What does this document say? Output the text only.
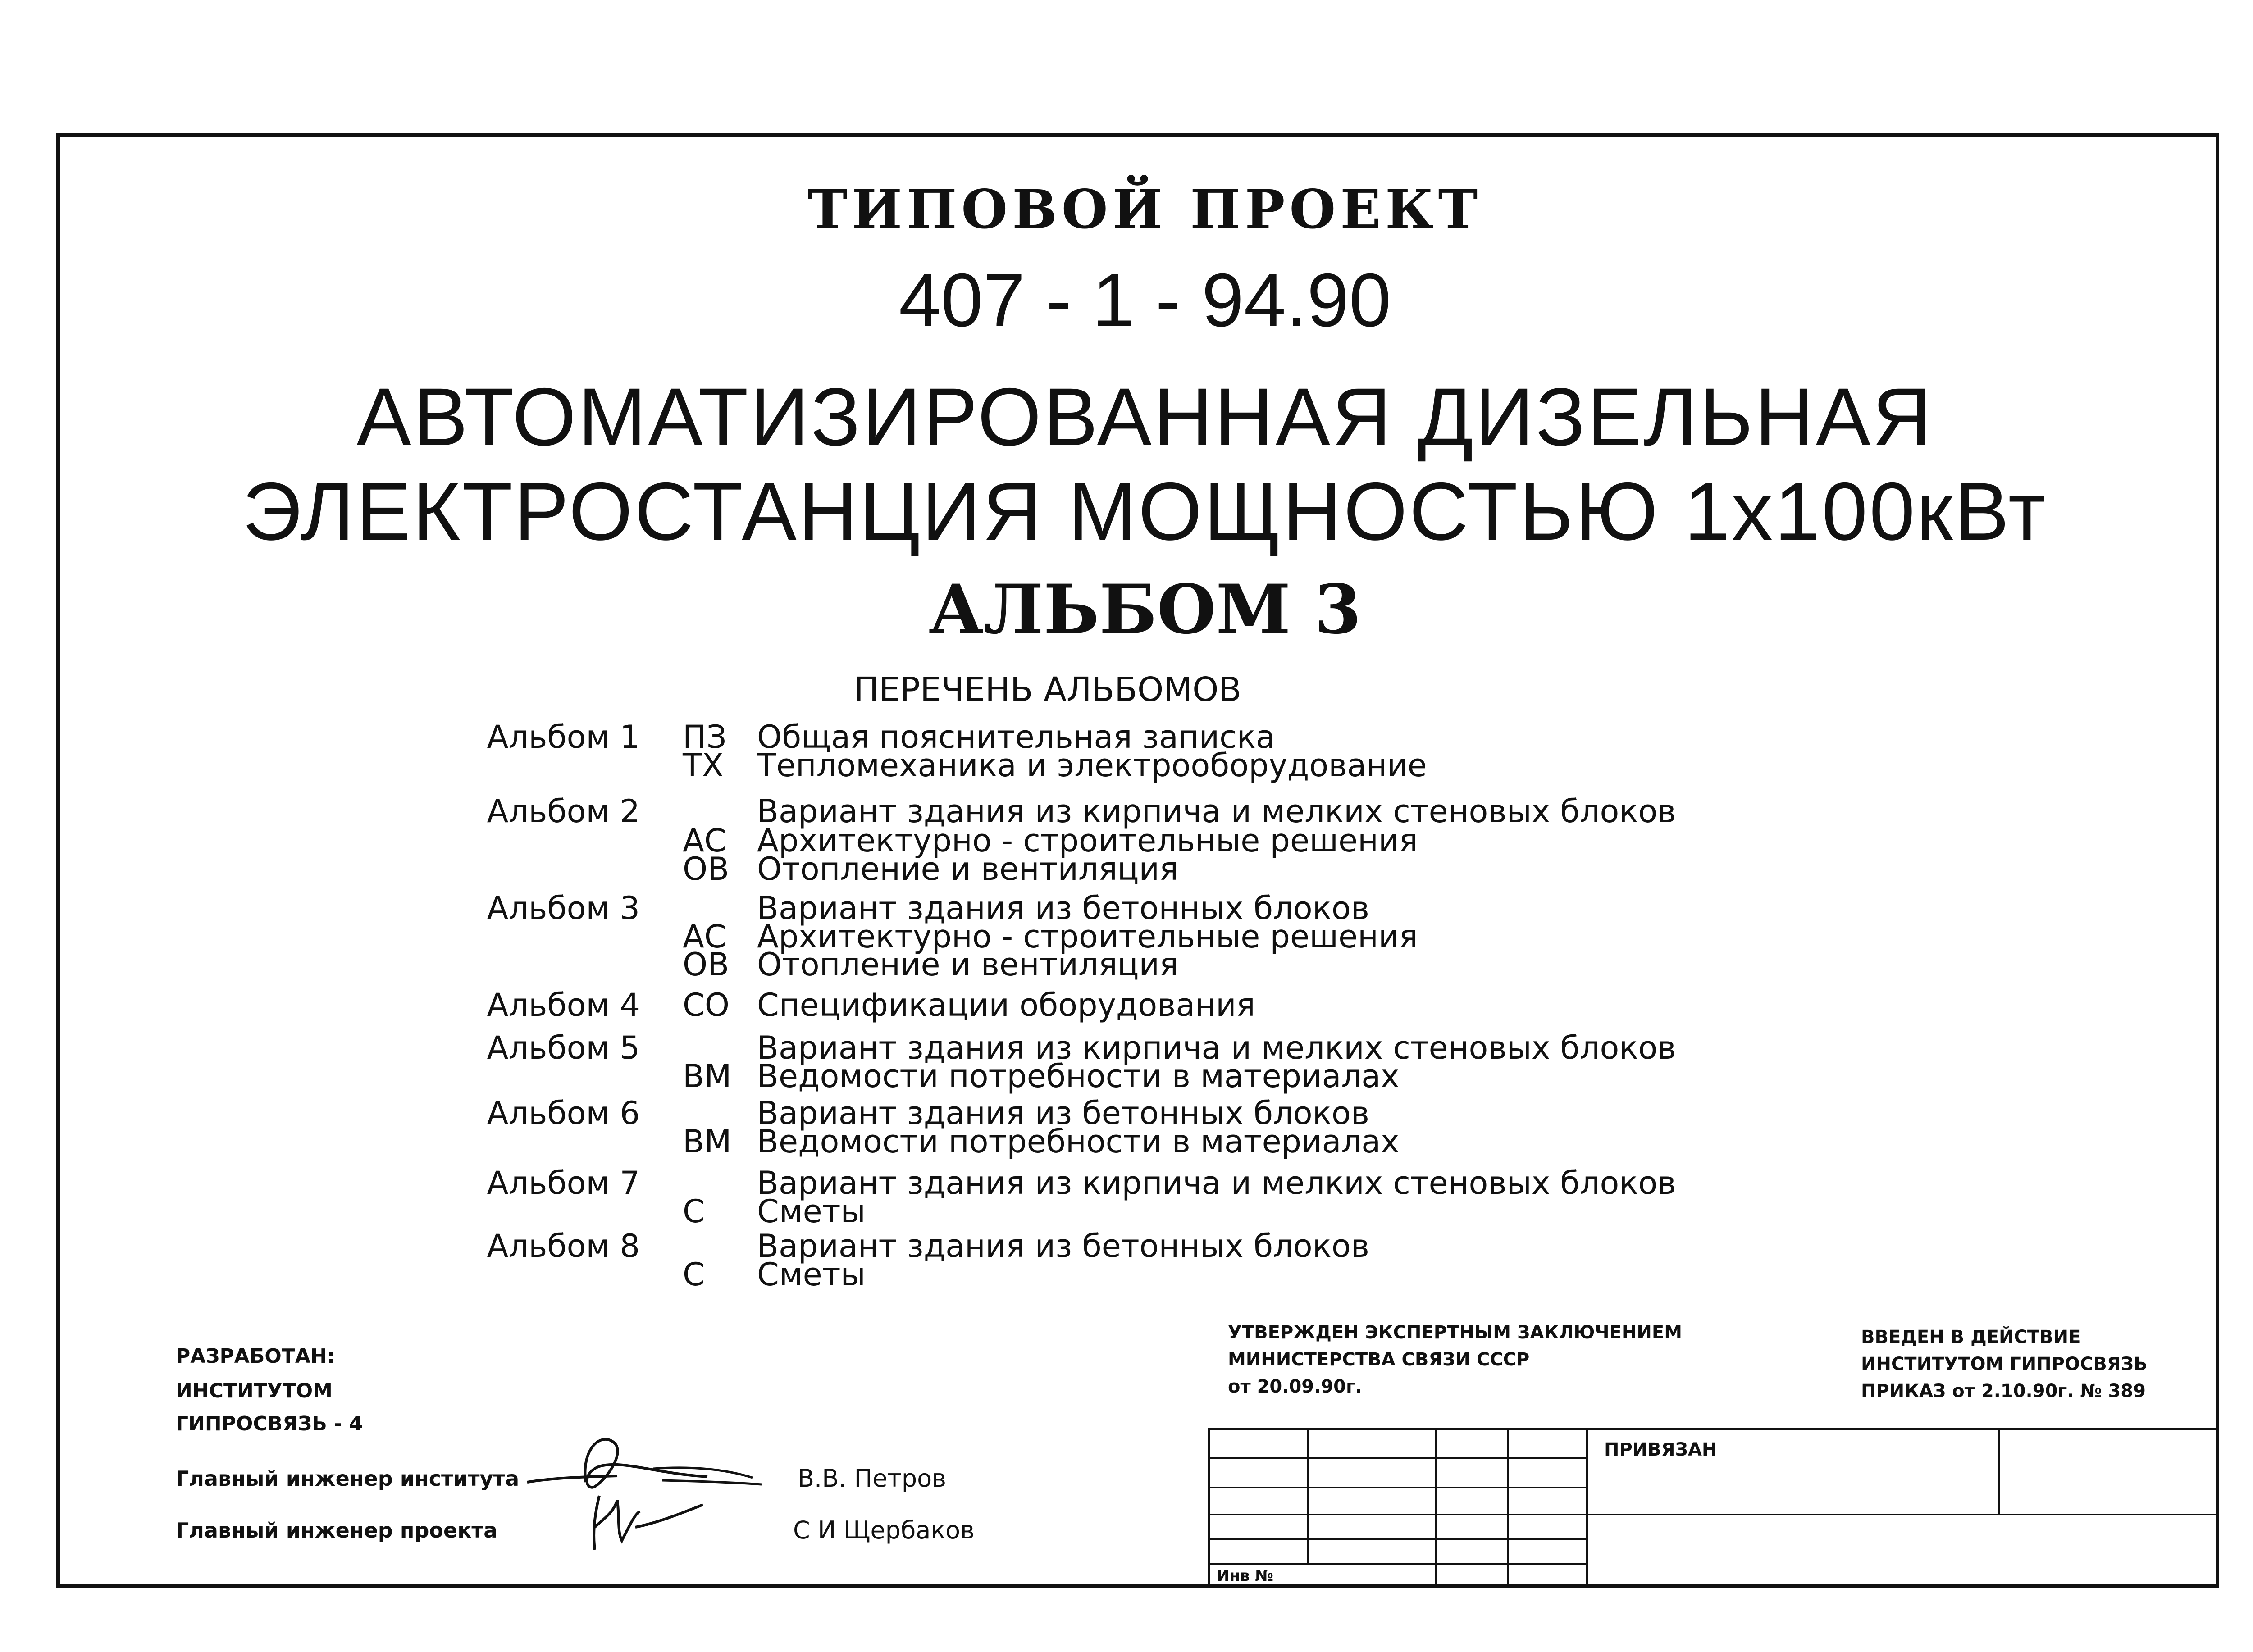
ТИПОВОЙ ПРОЕКТ
407 - 1 - 94.90
АВТОМАТИЗИРОВАННАЯ ДИЗЕЛЬНАЯ
ЭЛЕКТРОСТАНЦИЯ МОЩНОСТЬЮ 1х100кВт
АЛЬБОМ 3
ПЕРЕЧЕНЬ АЛЬБОМОВ
Альбом 1 ПЗ Общая пояснительная записка
ТХ	Тепломеханика и электрооборудование
Альбом 2	Вариант здания из кирпича и мелких стеновых блоков
АС Архитектурно - строительные решения
ОВ Отопление и вентиляция
Альбом 3	Вариант здания из бетонных блоков
АС Архитектурно - строительные решения
ОВ Отопление и вентиляция
Альбом 4 СО Спецификации оборудования
Альбом 5	Вариант здания из кирпича и мелких стеновых блоков
ВМ Ведомости потребности в материалах
Альбом 6	Вариант здания из бетонных блоков
ВМ Ведомости потребности в материалах
Альбом 7	Вариант здания из кирпича и мелких стеновых блоков
С	Сметы
Альбом 8	Вариант здания из бетонных блоков
С	Сметы
РАЗРАБОТАН:
ИНСТИТУТОМ
ГИПРОСВЯЗЬ - 4
УТВЕРЖДЕН ЭКСПЕРТНЫМ ЗАКЛЮЧЕНИЕМ
МИНИСТЕРСТВА СВЯЗИ СССР
от 20.09.90г.
ВВЕДЕН В ДЕЙСТВИЕ
ИНСТИТУТОМ ГИПРОСВЯЗЬ
ПРИКАЗ от 2.10.90г. № 389
Главный инженер института	В.В. Петров
Главный инженер проекта	С И Щербаков
ПРИВЯЗАН
Инв №
